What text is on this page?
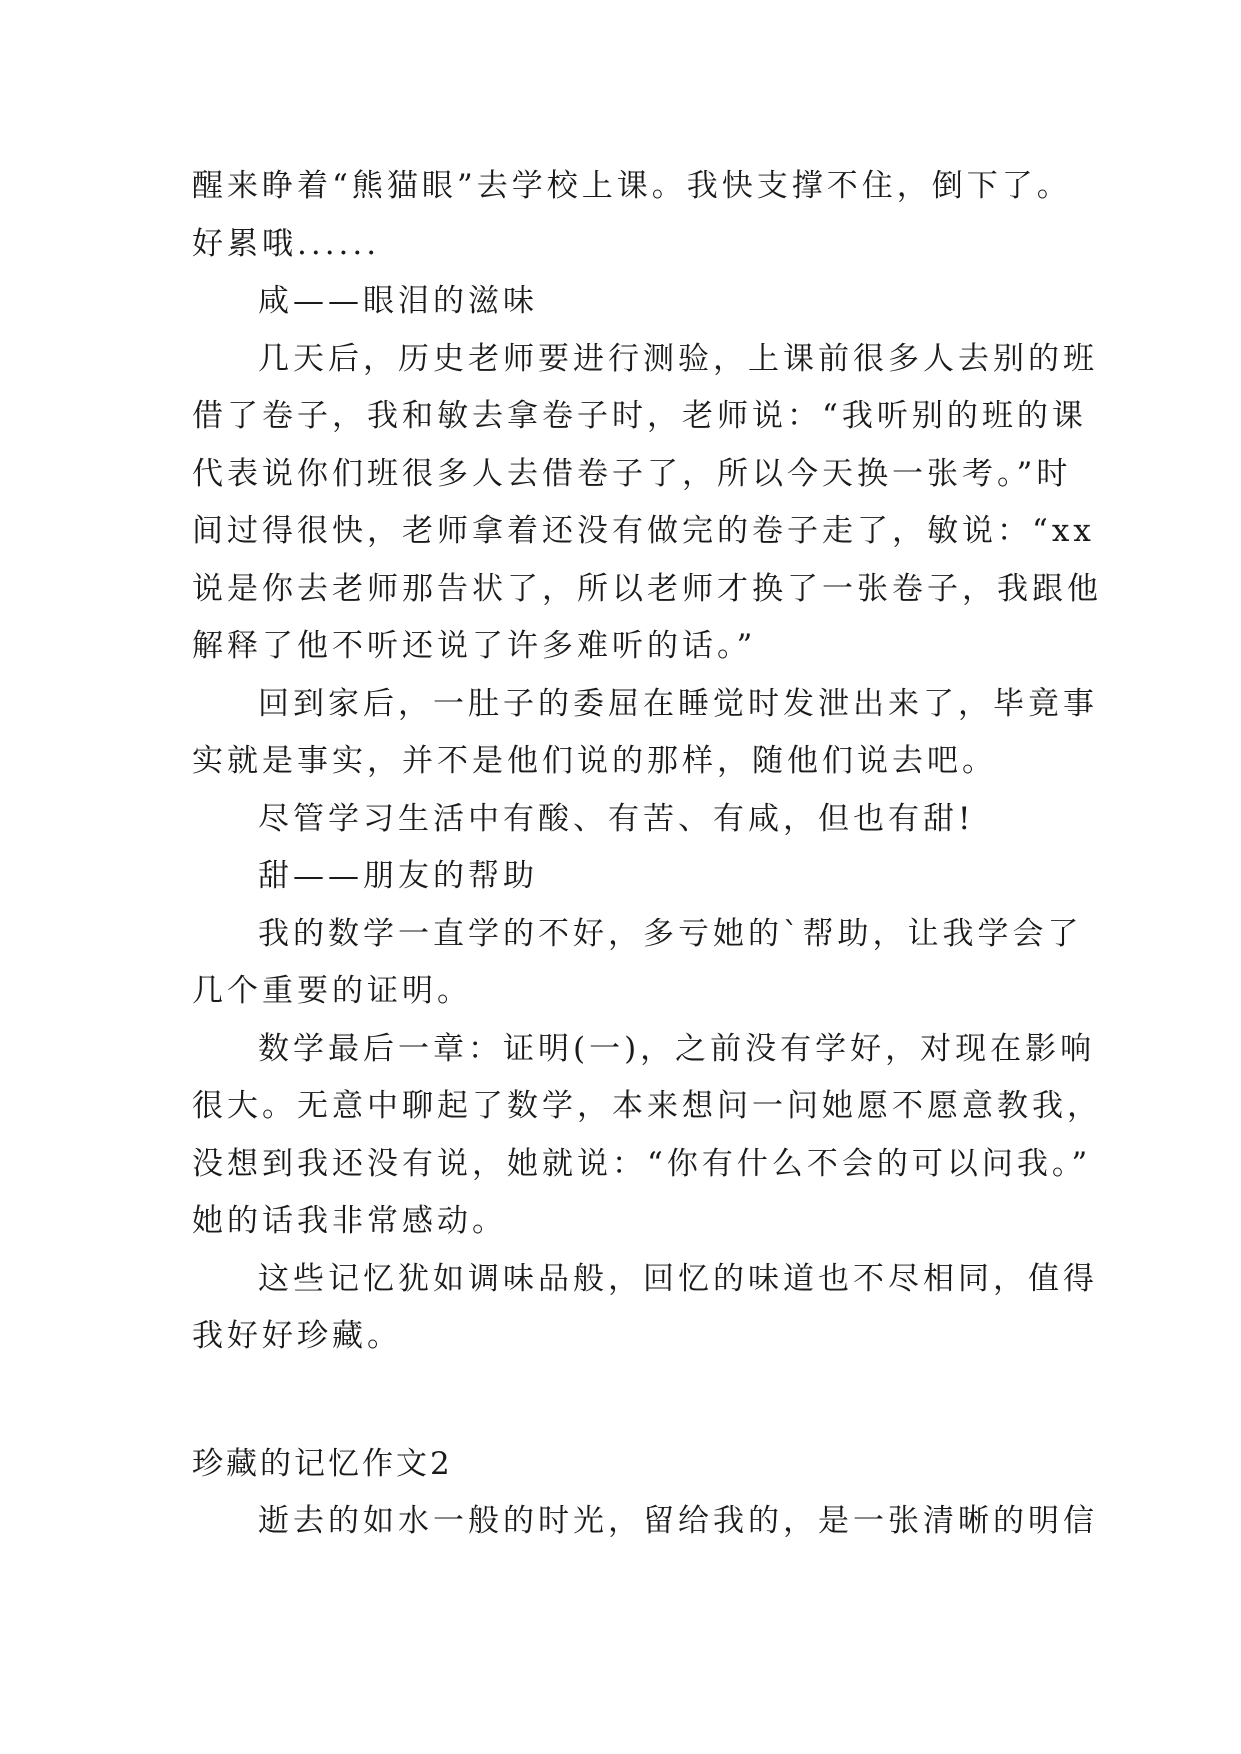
醒来睁着“熊猫眼”去学校上课。我快支撑不住，倒下了。
好累哦......
咸——眼泪的滋味
几天后，历史老师要进行测验，上课前很多人去别的班
借了卷子，我和敏去拿卷子时，老师说：“我听别的班的课
代表说你们班很多人去借卷子了，所以今天换一张考。”时
间过得很快，老师拿着还没有做完的卷子走了，敏说：“xx
说是你去老师那告状了，所以老师才换了一张卷子，我跟他
解释了他不听还说了许多难听的话。”
回到家后，一肚子的委屈在睡觉时发泄出来了，毕竟事
实就是事实，并不是他们说的那样，随他们说去吧。
尽管学习生活中有酸、有苦、有咸，但也有甜!
甜——朋友的帮助
我的数学一直学的不好，多亏她的`帮助，让我学会了
几个重要的证明。
数学最后一章：证明(一)，之前没有学好，对现在影响
很大。无意中聊起了数学，本来想问一问她愿不愿意教我，
没想到我还没有说，她就说：“你有什么不会的可以问我。”
她的话我非常感动。
这些记忆犹如调味品般，回忆的味道也不尽相同，值得
我好好珍藏。
珍藏的记忆作文2
逝去的如水一般的时光，留给我的，是一张清晰的明信
